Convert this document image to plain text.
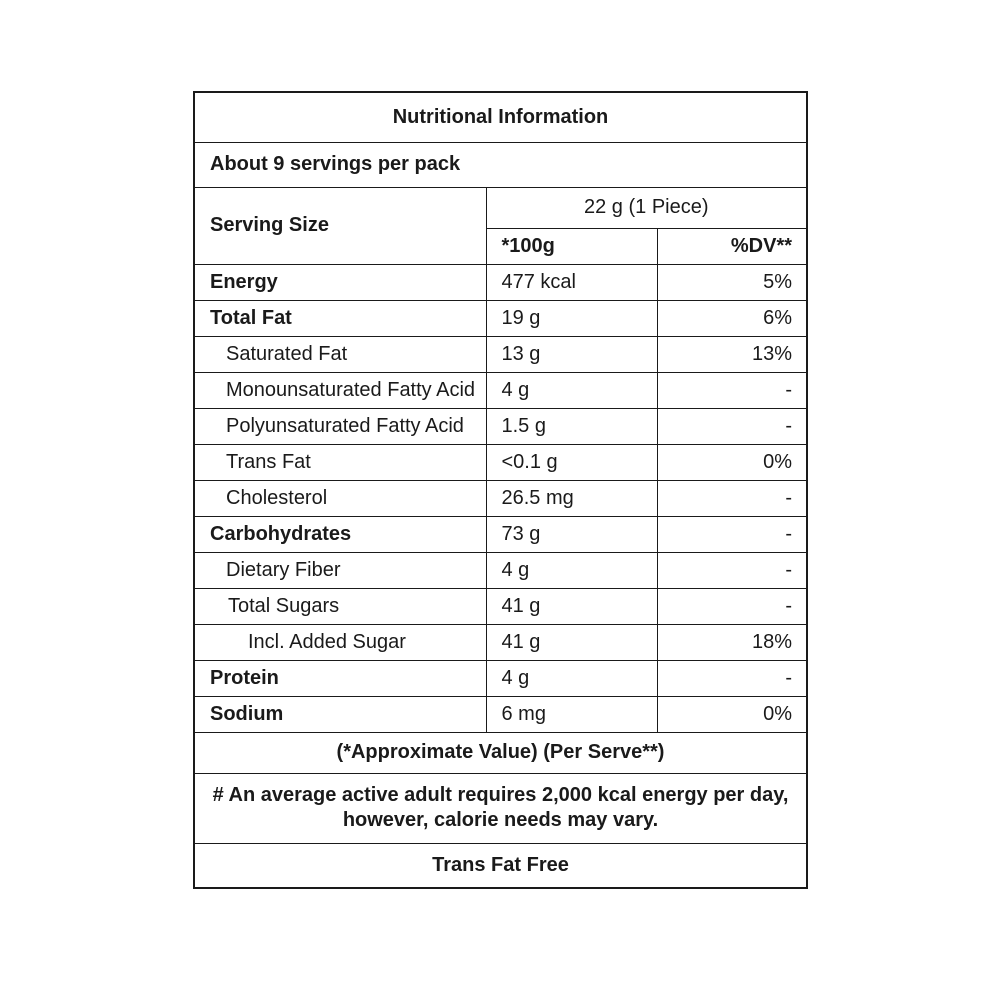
Nutritional Information		
About 9 servings per pack		
Serving Size	22 g (1 Piece)	
	*100g	%DV**
Energy	477 kcal	5%
Total Fat	19 g	6%
Saturated Fat	13 g	13%
Monounsaturated Fatty Acid	4 g	-
Polyunsaturated Fatty Acid	1.5 g	-
Trans Fat	<0.1 g	0%
Cholesterol	26.5 mg	-
Carbohydrates	73 g	-
Dietary Fiber	4 g	-
Total Sugars	41 g	-
Incl. Added Sugar	41 g	18%
Protein	4 g	-
Sodium	6 mg	0%
(*Approximate Value) (Per Serve**)		

# An average active adult requires 2,000 kcal energy per day,
however, calorie needs may vary.		

Trans Fat Free		
